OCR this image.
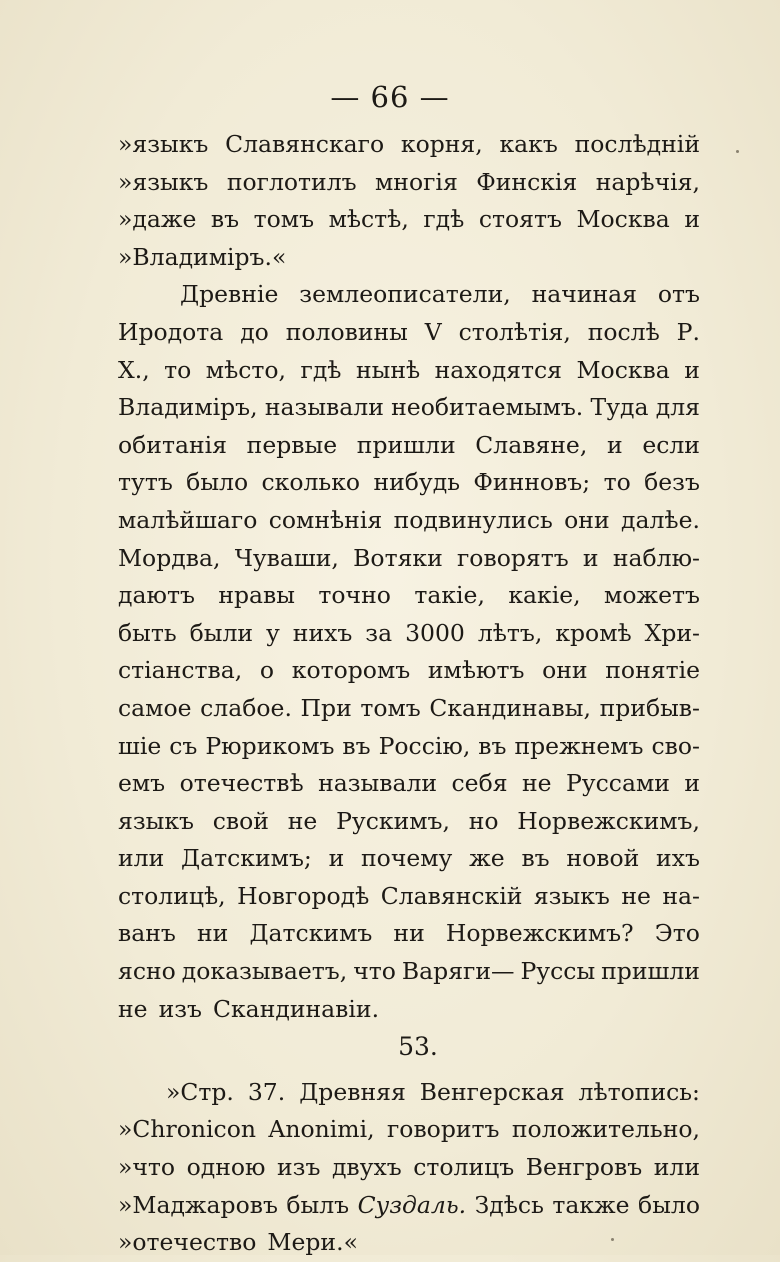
— 66 —
»языкъ Славянскаго корня, какъ послѣдній
»языкъ поглотилъ многія Финскія нарѣчія,
»даже въ томъ мѣстѣ, гдѣ стоятъ Москва и
»Владиміръ.«
Древніе землеописатели, начиная отъ
Иродота до половины V столѣтія, послѣ Р.
Х., то мѣсто, гдѣ нынѣ находятся Москва и
Владиміръ, называли необитаемымъ. Туда для
обитанія первые пришли Славяне, и если
тутъ было сколько нибудь Финновъ; то безъ
малѣйшаго сомнѣнія подвинулись они далѣе.
Мордва, Чуваши, Вотяки говорятъ и наблю-
даютъ нравы точно такіе, какіе, можетъ
быть были у нихъ за 3000 лѣтъ, кромѣ Хри-
стіанства, о которомъ имѣютъ они понятіе
самое слабое. При томъ Скандинавы, прибыв-
шіе съ Рюрикомъ въ Россію, въ прежнемъ сво-
емъ отечествѣ называли себя не Руссами и
языкъ свой не Рускимъ, но Норвежскимъ,
или Датскимъ; и почему же въ новой ихъ
столицѣ, Новгородѣ Славянскій языкъ не на-
ванъ ни Датскимъ ни Норвежскимъ? Это
ясно доказываетъ, что Варяги— Руссы пришли
не изъ Скандинавіи.
53.
»Стр. 37. Древняя Венгерская лѣтопись:
»Chronicon Anonimi, говоритъ положительно,
»что одною изъ двухъ столицъ Венгровъ или
»Маджаровъ былъ Суздаль. Здѣсь также было
»отечество Мери.«
